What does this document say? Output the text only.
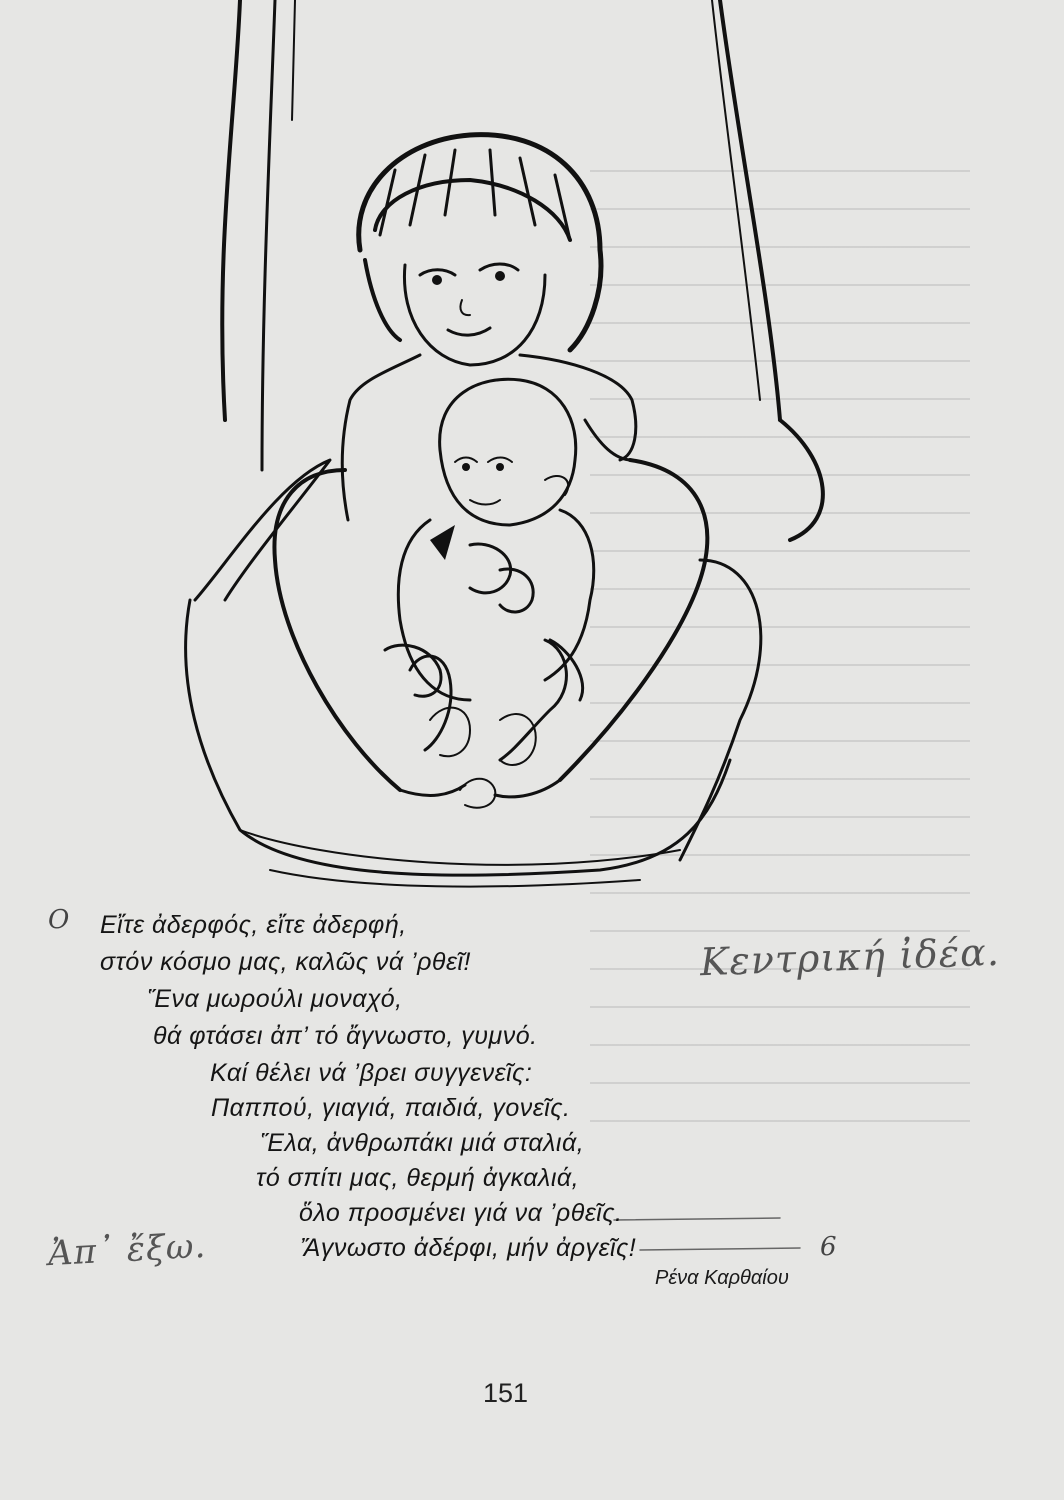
Εἴτε ἀδερφός, εἴτε ἀδερφή,
στόν κόσμο μας, καλῶς νά ’ρθεῖ!
Ἕνα μωρούλι μοναχό,
θά φτάσει ἀπ’ τό ἄγνωστο, γυμνό.
Καί θέλει νά ’βρει συγγενεῖς:
Παππού, γιαγιά, παιδιά, γονεῖς.
Ἕλα, ἀνθρωπάκι μιά σταλιά,
τό σπίτι μας, θερμή ἀγκαλιά,
ὅλο προσμένει γιά να ’ρθεῖς.
Ἄγνωστο ἀδέρφι, μήν ἀργεῖς!
Ρένα Καρθαίου
151
Κεντρική ἰδέα.
Ἀπ᾽ ἔξω.
Ο
6
